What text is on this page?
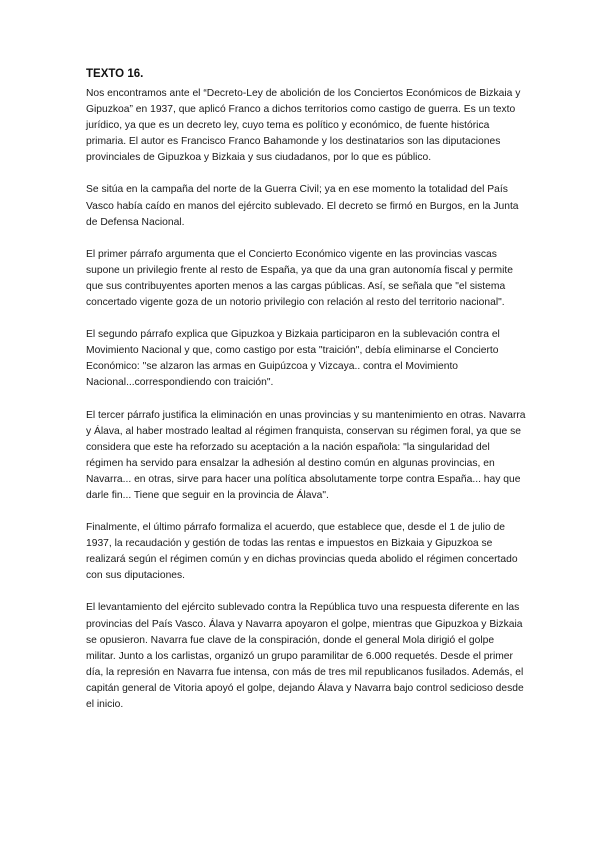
TEXTO 16.

Nos encontramos ante el “Decreto-Ley de abolición de los Conciertos Económicos de Bizkaia y Gipuzkoa” en 1937, que aplicó Franco a dichos territorios como castigo de guerra. Es un texto jurídico, ya que es un decreto ley, cuyo tema es político y económico, de fuente histórica primaria. El autor es Francisco Franco Bahamonde y los destinatarios son las diputaciones provinciales de Gipuzkoa y Bizkaia y sus ciudadanos, por lo que es público.

Se sitúa en la campaña del norte de la Guerra Civil; ya en ese momento la totalidad del País Vasco había caído en manos del ejército sublevado. El decreto se firmó en Burgos, en la Junta de Defensa Nacional.

El primer párrafo argumenta que el Concierto Económico vigente en las provincias vascas supone un privilegio frente al resto de España, ya que da una gran autonomía fiscal y permite que sus contribuyentes aporten menos a las cargas públicas. Así, se señala que "el sistema concertado vigente goza de un notorio privilegio con relación al resto del territorio nacional".

El segundo párrafo explica que Gipuzkoa y Bizkaia participaron en la sublevación contra el Movimiento Nacional y que, como castigo por esta "traición", debía eliminarse el Concierto Económico: "se alzaron las armas en Guipúzcoa y Vizcaya.. contra el Movimiento Nacional...correspondiendo con traición".

El tercer párrafo justifica la eliminación en unas provincias y su mantenimiento en otras. Navarra y Álava, al haber mostrado lealtad al régimen franquista, conservan su régimen foral, ya que se considera que este ha reforzado su aceptación a la nación española: "la singularidad del régimen ha servido para ensalzar la adhesión al destino común en algunas provincias, en Navarra... en otras, sirve para hacer una política absolutamente torpe contra España... hay que darle fin... Tiene que seguir en la provincia de Álava".

Finalmente, el último párrafo formaliza el acuerdo, que establece que, desde el 1 de julio de 1937, la recaudación y gestión de todas las rentas e impuestos en Bizkaia y Gipuzkoa se realizará según el régimen común y en dichas provincias queda abolido el régimen concertado con sus diputaciones.

El levantamiento del ejército sublevado contra la República tuvo una respuesta diferente en las provincias del País Vasco. Álava y Navarra apoyaron el golpe, mientras que Gipuzkoa y Bizkaia se opusieron. Navarra fue clave de la conspiración, donde el general Mola dirigió el golpe militar. Junto a los carlistas, organizó un grupo paramilitar de 6.000 requetés. Desde el primer día, la represión en Navarra fue intensa, con más de tres mil republicanos fusilados. Además, el capitán general de Vitoria apoyó el golpe, dejando Álava y Navarra bajo control sedicioso desde el inicio.
